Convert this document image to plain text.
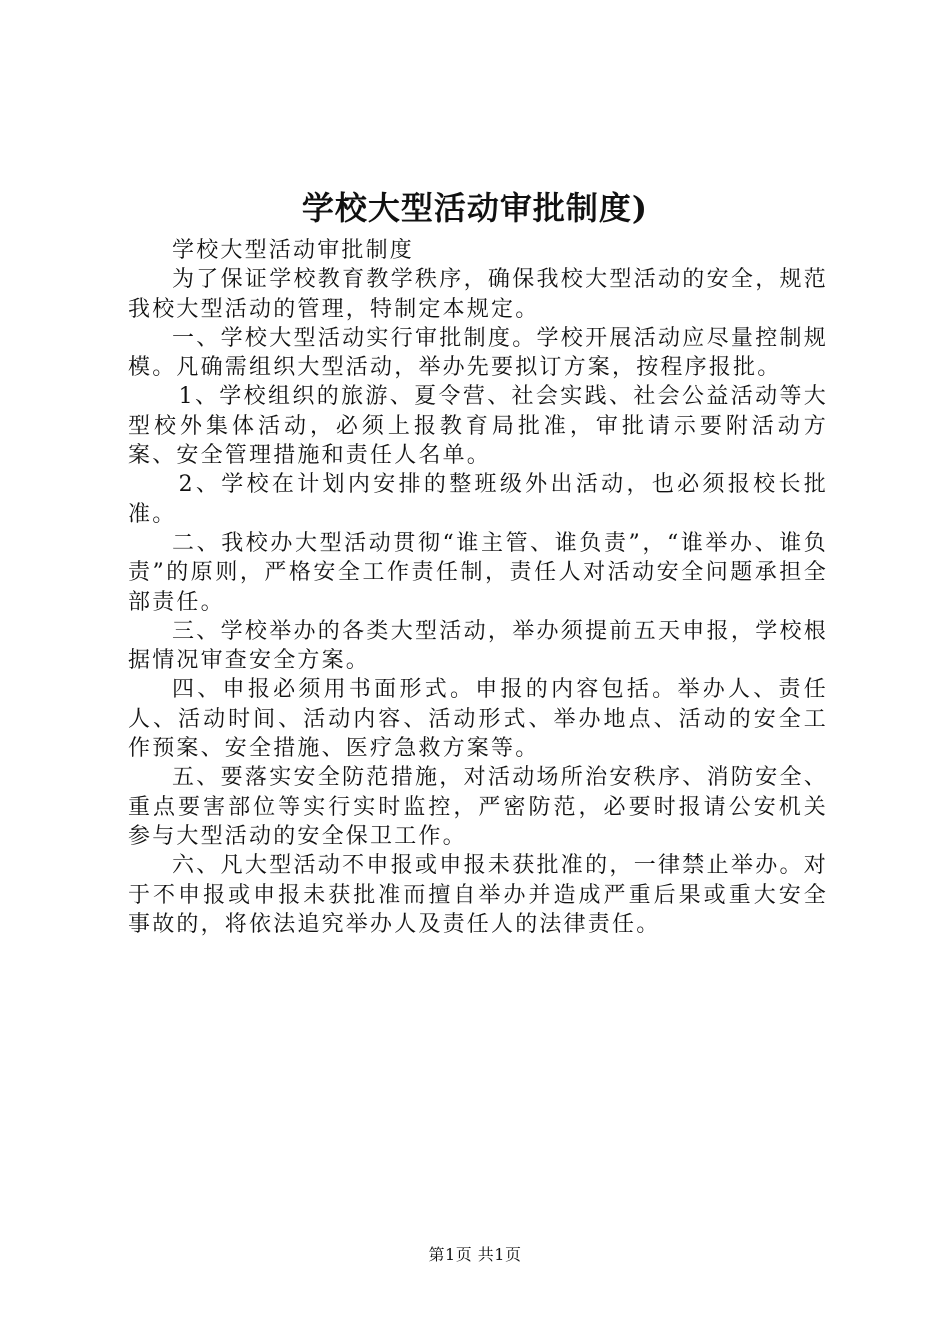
学校大型活动审批制度)

学校大型活动审批制度

为了保证学校教育教学秩序，确保我校大型活动的安全，规范我校大型活动的管理，特制定本规定。

一、学校大型活动实行审批制度。学校开展活动应尽量控制规模。凡确需组织大型活动，举办先要拟订方案，按程序报批。

1、学校组织的旅游、夏令营、社会实践、社会公益活动等大型校外集体活动，必须上报教育局批准，审批请示要附活动方案、安全管理措施和责任人名单。

2、学校在计划内安排的整班级外出活动，也必须报校长批准。

二、我校办大型活动贯彻“谁主管、谁负责”，“谁举办、谁负责”的原则，严格安全工作责任制，责任人对活动安全问题承担全部责任。

三、学校举办的各类大型活动，举办须提前五天申报，学校根据情况审查安全方案。

四、申报必须用书面形式。申报的内容包括。举办人、责任人、活动时间、活动内容、活动形式、举办地点、活动的安全工作预案、安全措施、医疗急救方案等。

五、要落实安全防范措施，对活动场所治安秩序、消防安全、重点要害部位等实行实时监控，严密防范，必要时报请公安机关参与大型活动的安全保卫工作。

六、凡大型活动不申报或申报未获批准的，一律禁止举办。对于不申报或申报未获批准而擅自举办并造成严重后果或重大安全事故的，将依法追究举办人及责任人的法律责任。

第1页 共1页
